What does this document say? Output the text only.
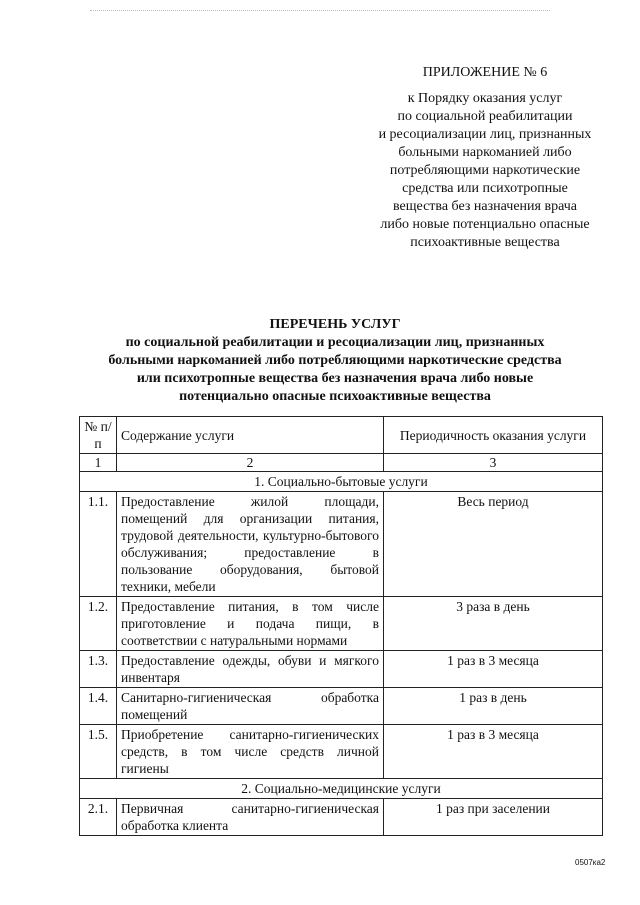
ПРИЛОЖЕНИЕ № 6
к Порядку оказания услуг
по социальной реабилитации
и ресоциализации лиц, признанных
больными наркоманией либо
потребляющими наркотические
средства или психотропные
вещества без назначения врача
либо новые потенциально опасные
психоактивные вещества
ПЕРЕЧЕНЬ УСЛУГ
по социальной реабилитации и ресоциализации лиц, признанных
больными наркоманией либо потребляющими наркотические средства
или психотропные вещества без назначения врача либо новые
потенциально опасные психоактивные вещества
№ п/п	Содержание услуги	Периодичность оказания услуги
1	2	3
1. Социально-бытовые услуги		
1.1.	Предоставление жилой площади, помещений для организации питания, трудовой деятельности, культурно-бытового обслуживания; предоставление в пользование оборудования, бытовой техники, мебели	Весь период
1.2.	Предоставление питания, в том числе приготовление и подача пищи, в соответствии с натуральными нормами	3 раза в день
1.3.	Предоставление одежды, обуви и мягкого инвентаря	1 раз в 3 месяца
1.4.	Санитарно-гигиеническая обработка помещений	1 раз в день
1.5.	Приобретение санитарно-гигиенических средств, в том числе средств личной гигиены	1 раз в 3 месяца
2. Социально-медицинские услуги		
2.1.	Первичная санитарно-гигиеническая обработка клиента	1 раз при заселении
0507ка2
